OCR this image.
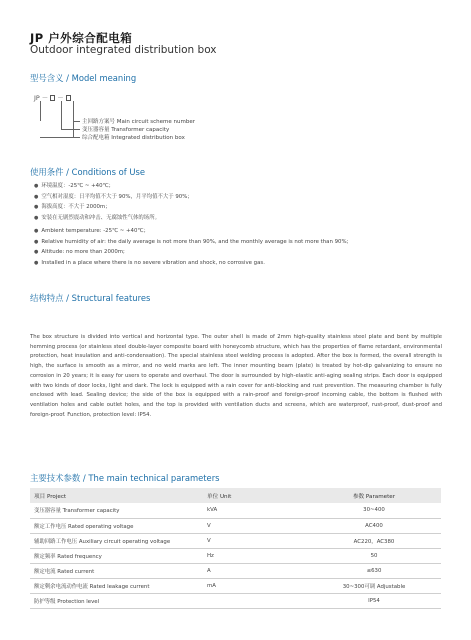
JP 户外综合配电箱
Outdoor integrated distribution box
型号含义 / Model meaning
JP － －
主回路方案号 Main circuit scheme number
变压器容量 Transformer capacity
综合配电箱 Integrated distribution box
使用条件 / Conditions of Use
● 环境温度：-25℃ ~ +40℃；
● 空气相对湿度：日平均值不大于 90%，月平均值不大于 90%；
● 海拔高度：不大于 2000m；
● 安装在无剧烈震动和冲击、无腐蚀性气体的场所。
● Ambient temperature: -25℃ ~ +40℃；
● Relative humidity of air: the daily average is not more than 90%, and the monthly average is not more than 90%;
● Altitude: no more than 2000m;
● Installed in a place where there is no severe vibration and shock, no corrosive gas.
结构特点 / Structural features
The box structure is divided into vertical and horizontal type. The outer shell is made of 2mm high-quality stainless steel plate and bent by multiple hemming process (or stainless steel double-layer composite board with honeycomb structure, which has the properties of flame retardant, environmental protection, heat insulation and anti-condensation). The special stainless steel welding process is adopted. After the box is formed, the overall strength is high, the surface is smooth as a mirror, and no weld marks are left. The inner mounting beam (plate) is treated by hot-dip galvanizing to ensure no corrosion in 20 years; it is easy for users to operate and overhaul. The door is surrounded by high-elastic anti-aging sealing strips. Each door is equipped with two kinds of door locks, light and dark. The lock is equipped with a rain cover for anti-blocking and rust prevention. The measuring chamber is fully enclosed with lead. Sealing device; the side of the box is equipped with a rain-proof and foreign-proof incoming cable, the bottom is flushed with ventilation holes and cable outlet holes, and the top is provided with ventilation ducts and screens, which are waterproof, rust-proof, dust-proof and foreign-proof. Function, protection level: IP54.
主要技术参数 / The main technical parameters
项目 Project	单位 Unit	参数 Parameter
变压器容量 Transformer capacity	kVA	30~400
额定工作电压 Rated operating voltage	V	AC400
辅助回路工作电压 Auxiliary circuit operating voltage	V	AC220，AC380
额定频率 Rated frequency	Hz	50
额定电流 Rated current	A	≤630
额定剩余电流动作电流 Rated leakage current	mA	30~300可调 Adjustable
防护等级 Protection level		IP54
